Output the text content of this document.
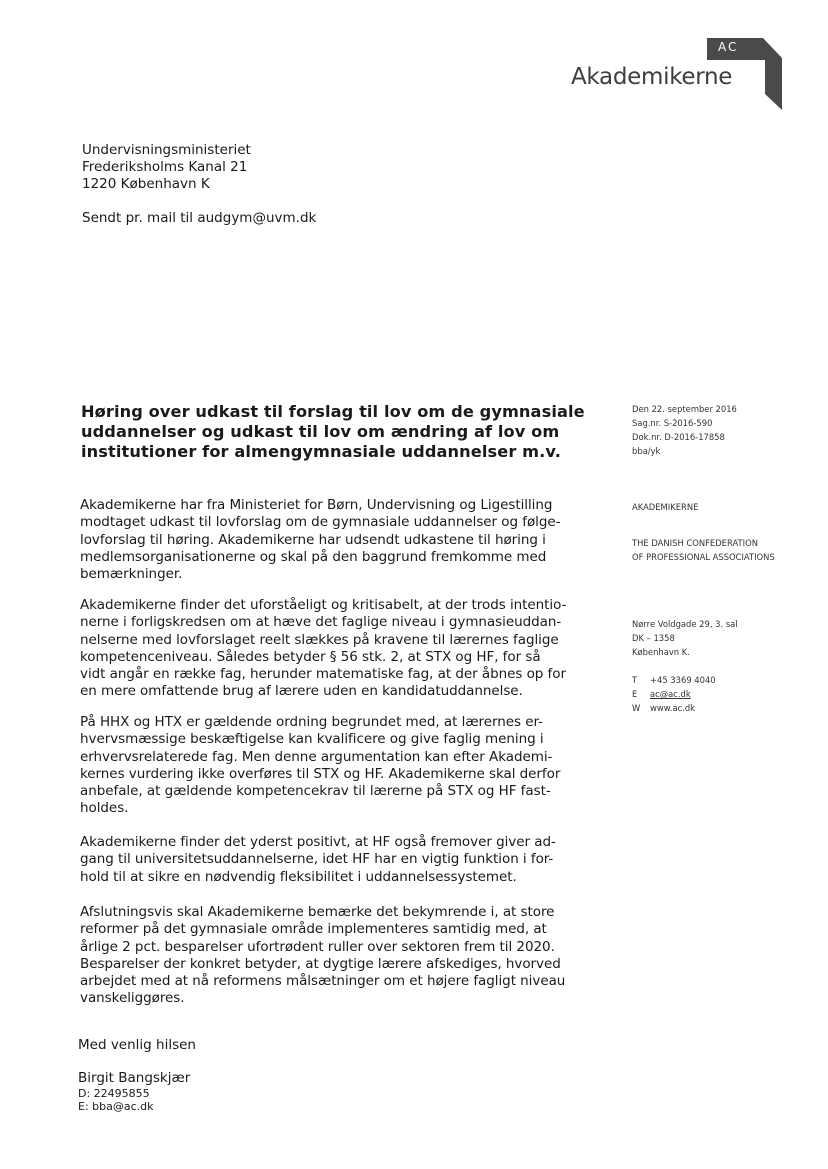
AC
Akademikerne
Undervisningsministeriet
Frederiksholms Kanal 21
1220 København K
Sendt pr. mail til audgym@uvm.dk
Høring over udkast til forslag til lov om de gymnasiale
uddannelser og udkast til lov om ændring af lov om
institutioner for almengymnasiale uddannelser m.v.
Den 22. september 2016
Sag.nr. S-2016-590
Dok.nr. D-2016-17858
bba/yk
AKADEMIKERNE
THE DANISH CONFEDERATION
OF PROFESSIONAL ASSOCIATIONS
Nørre Voldgade 29, 3. sal
DK – 1358
København K.
T +45 3369 4040
E ac@ac.dk
W www.ac.dk
Akademikerne har fra Ministeriet for Børn, Undervisning og Ligestilling
modtaget udkast til lovforslag om de gymnasiale uddannelser og følge-
lovforslag til høring. Akademikerne har udsendt udkastene til høring i
medlemsorganisationerne og skal på den baggrund fremkomme med
bemærkninger.
Akademikerne finder det uforståeligt og kritisabelt, at der trods intentio-
nerne i forligskredsen om at hæve det faglige niveau i gymnasieuddan-
nelserne med lovforslaget reelt slækkes på kravene til lærernes faglige
kompetenceniveau. Således betyder § 56 stk. 2, at STX og HF, for så
vidt angår en række fag, herunder matematiske fag, at der åbnes op for
en mere omfattende brug af lærere uden en kandidatuddannelse.
På HHX og HTX er gældende ordning begrundet med, at lærernes er-
hvervsmæssige beskæftigelse kan kvalificere og give faglig mening i
erhvervsrelaterede fag. Men denne argumentation kan efter Akademi-
kernes vurdering ikke overføres til STX og HF. Akademikerne skal derfor
anbefale, at gældende kompetencekrav til lærerne på STX og HF fast-
holdes.
Akademikerne finder det yderst positivt, at HF også fremover giver ad-
gang til universitetsuddannelserne, idet HF har en vigtig funktion i for-
hold til at sikre en nødvendig fleksibilitet i uddannelsessystemet.
Afslutningsvis skal Akademikerne bemærke det bekymrende i, at store
reformer på det gymnasiale område implementeres samtidig med, at
årlige 2 pct. besparelser ufortrødent ruller over sektoren frem til 2020.
Besparelser der konkret betyder, at dygtige lærere afskediges, hvorved
arbejdet med at nå reformens målsætninger om et højere fagligt niveau
vanskeliggøres.
Med venlig hilsen
Birgit Bangskjær
D: 22495855
E: bba@ac.dk
